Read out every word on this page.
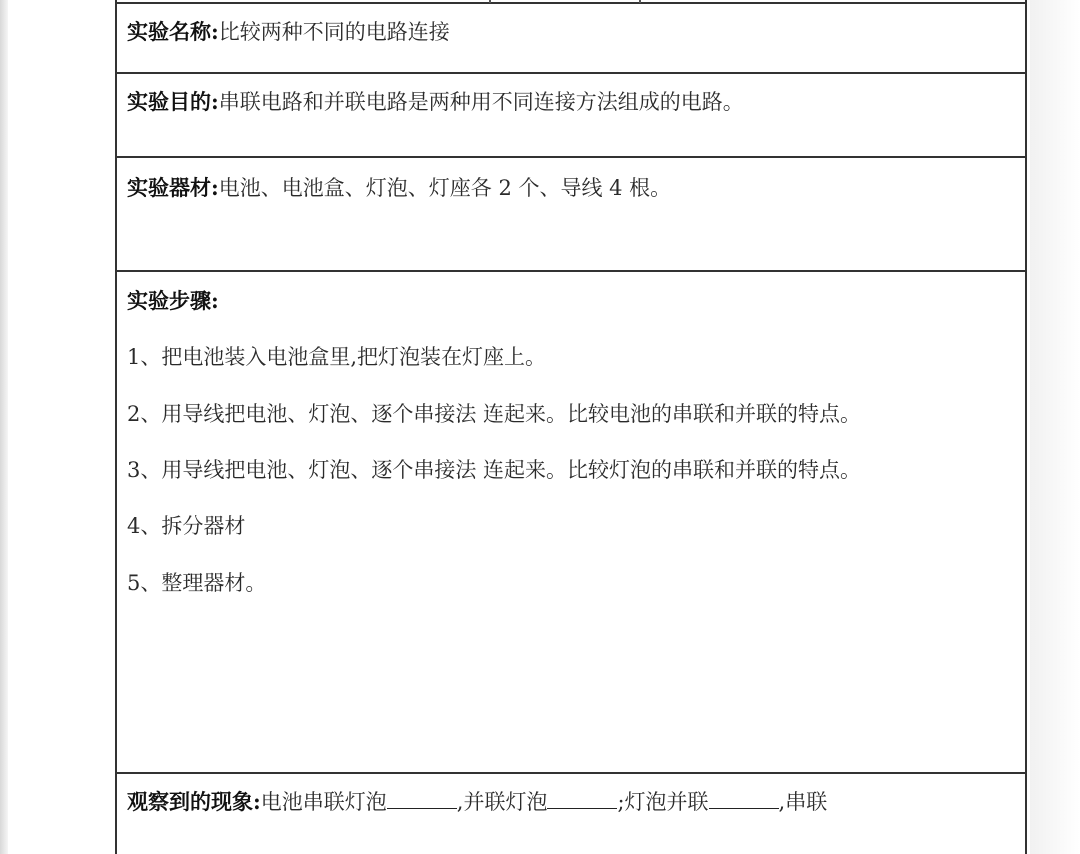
实验名称:比较两种不同的电路连接
实验目的:串联电路和并联电路是两种用不同连接方法组成的电路。
实验器材:电池、电池盒、灯泡、灯座各 2 个、导线 4 根。
实验步骤:
1、把电池装入电池盒里,把灯泡装在灯座上。
2、用导线把电池、灯泡、逐个串接法 连起来。比较电池的串联和并联的特点。
3、用导线把电池、灯泡、逐个串接法 连起来。比较灯泡的串联和并联的特点。
4、拆分器材
5、整理器材。
观察到的现象:电池串联灯泡	,并联灯泡	;灯泡并联	,串联
